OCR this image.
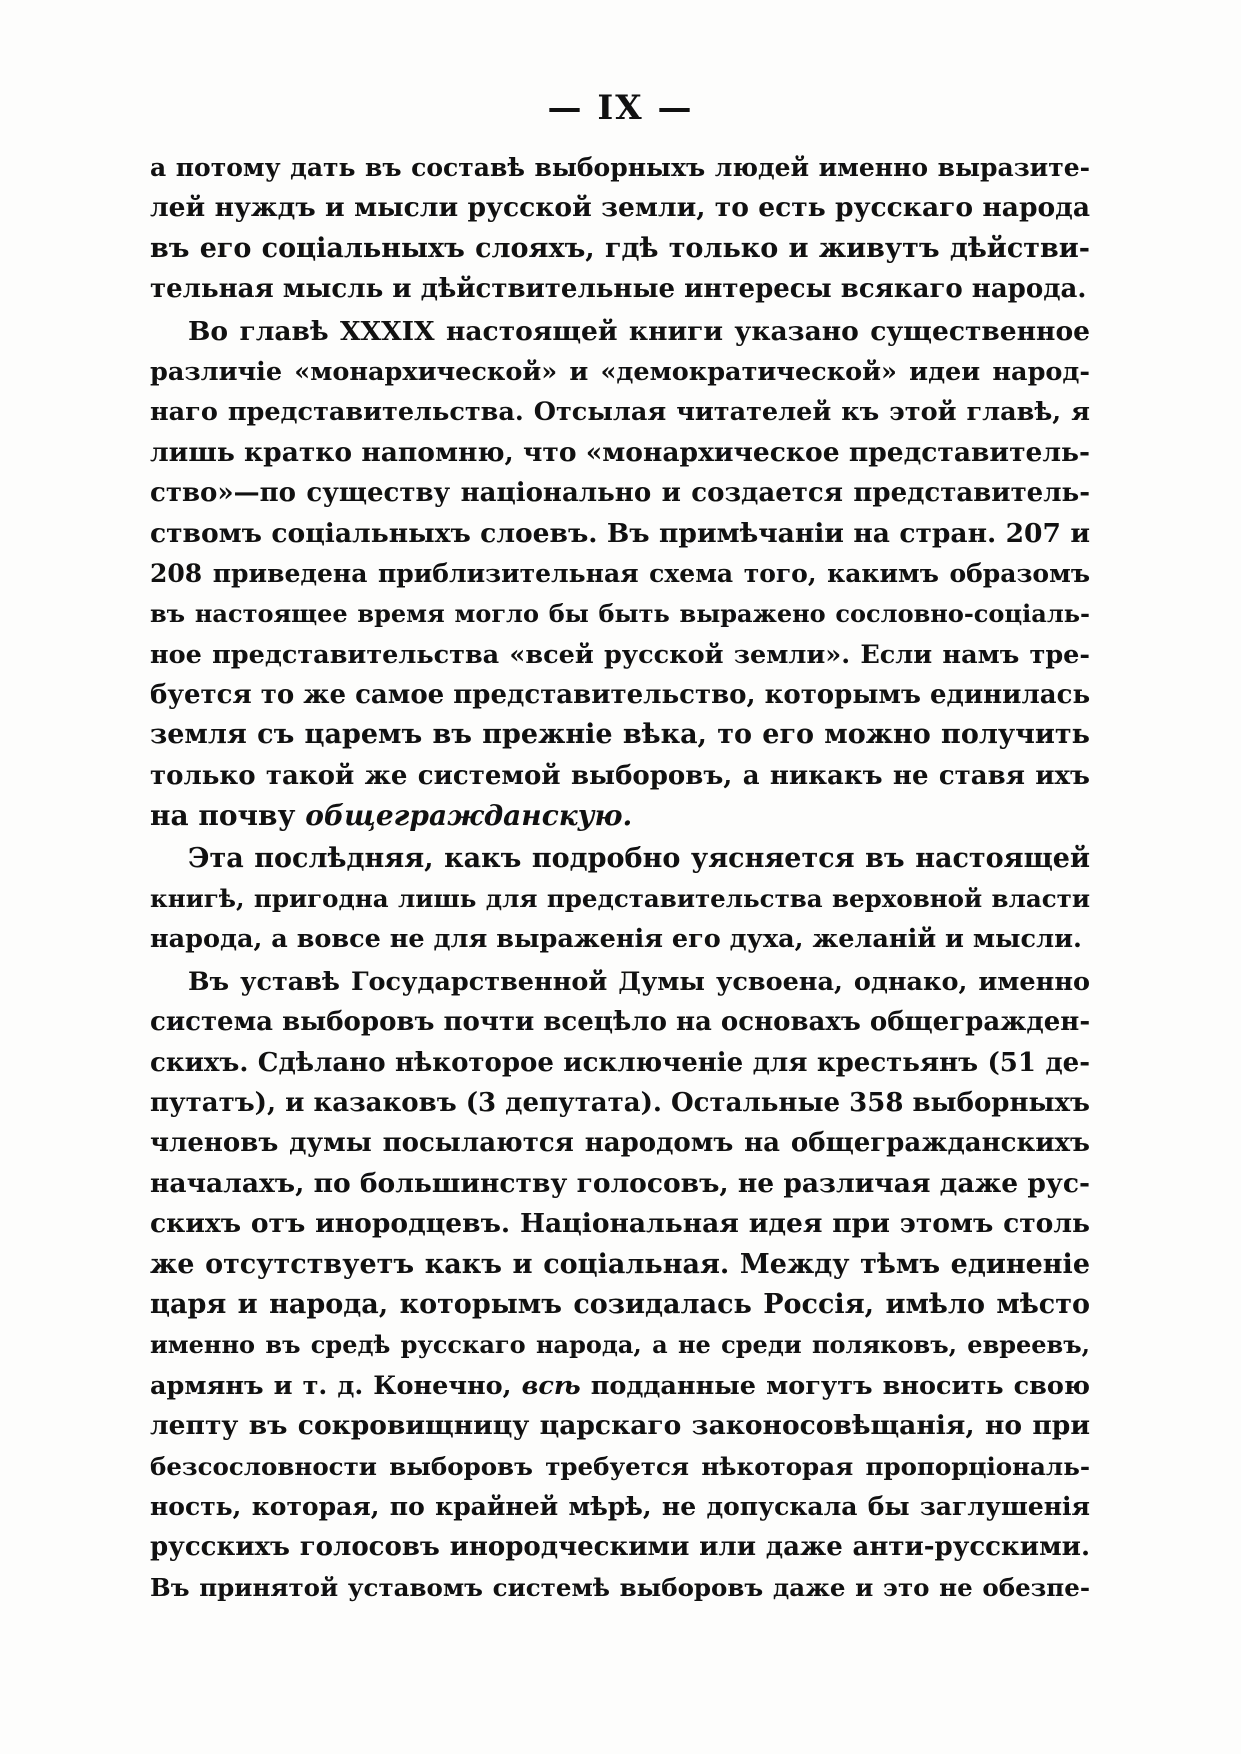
— IX —
а потому дать въ составѣ выборныхъ людей именно выразите-
лей нуждъ и мысли русской земли, то есть русскаго народа
въ его соціальныхъ слояхъ, гдѣ только и живутъ дѣйстви-
тельная мысль и дѣйствительные интересы всякаго народа.
Во главѣ XXXIX настоящей книги указано существенное
различіе «монархической» и «демократической» идеи народ-
наго представительства. Отсылая читателей къ этой главѣ, я
лишь кратко напомню, что «монархическое представитель-
ство»—по существу національно и создается представитель-
ствомъ соціальныхъ слоевъ. Въ примѣчаніи на стран. 207 и
208 приведена приблизительная схема того, какимъ образомъ
въ настоящее время могло бы быть выражено сословно-соціаль-
ное представительства «всей русской земли». Если намъ тре-
буется то же самое представительство, которымъ единилась
земля съ царемъ въ прежніе вѣка, то его можно получить
только такой же системой выборовъ, а никакъ не ставя ихъ
на почву общегражданскую.
Эта послѣдняя, какъ подробно уясняется въ настоящей
книгѣ, пригодна лишь для представительства верховной власти
народа, а вовсе не для выраженія его духа, желаній и мысли.
Въ уставѣ Государственной Думы усвоена, однако, именно
система выборовъ почти всецѣло на основахъ общегражден-
скихъ. Сдѣлано нѣкоторое исключеніе для крестьянъ (51 де-
путатъ), и казаковъ (3 депутата). Остальные 358 выборныхъ
членовъ думы посылаются народомъ на общегражданскихъ
началахъ, по большинству голосовъ, не различая даже рус-
скихъ отъ инородцевъ. Національная идея при этомъ столь
же отсутствуетъ какъ и соціальная. Между тѣмъ единеніе
царя и народа, которымъ созидалась Россія, имѣло мѣсто
именно въ средѣ русскаго народа, а не среди поляковъ, евреевъ,
армянъ и т. д. Конечно, всѣ подданные могутъ вносить свою
лепту въ сокровищницу царскаго законосовѣщанія, но при
безсословности выборовъ требуется нѣкоторая пропорціональ-
ность, которая, по крайней мѣрѣ, не допускала бы заглушенія
русскихъ голосовъ инородческими или даже анти-русскими.
Въ принятой уставомъ системѣ выборовъ даже и это не обезпе-
